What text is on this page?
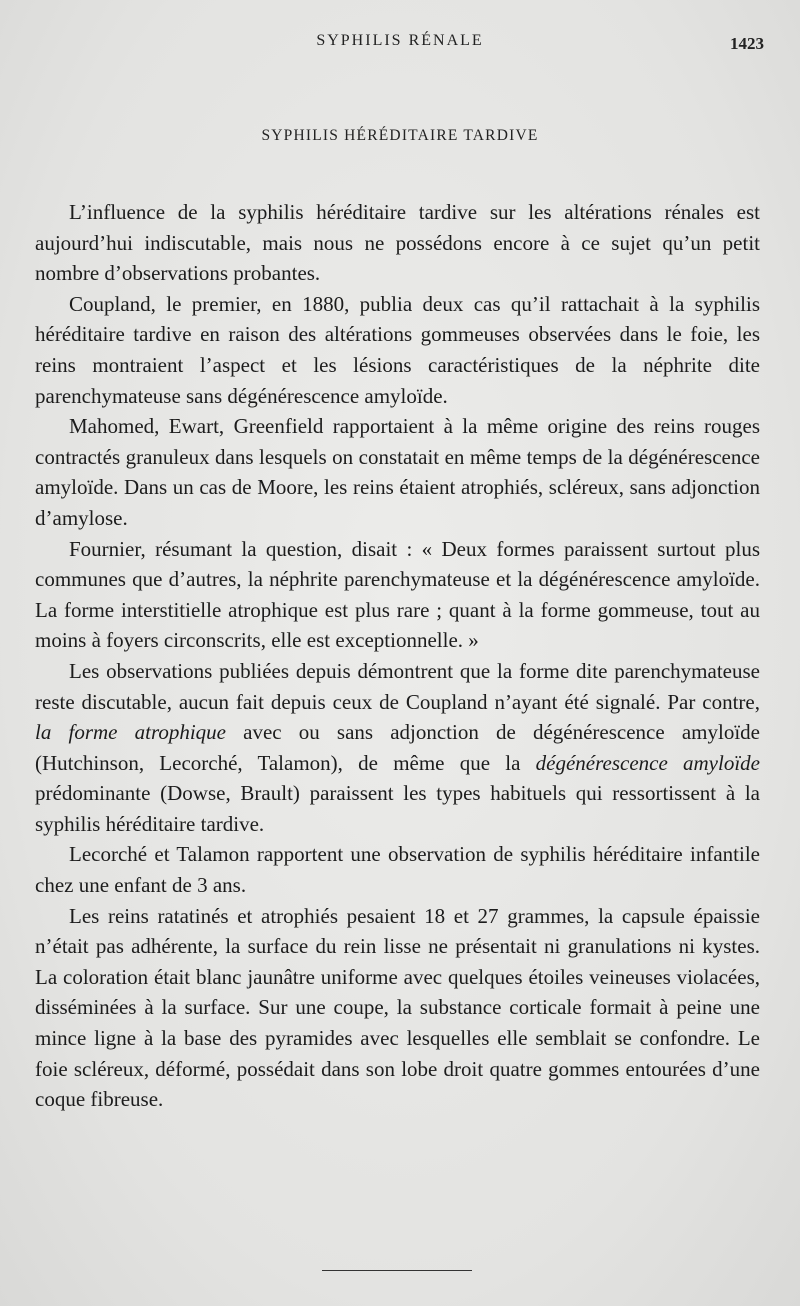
SYPHILIS RÉNALE	1423
SYPHILIS HÉRÉDITAIRE TARDIVE

L’influence de la syphilis héréditaire tardive sur les altérations rénales est aujourd’hui indiscutable, mais nous ne possédons encore à ce sujet qu’un petit nombre d’observations probantes.

Coupland, le premier, en 1880, publia deux cas qu’il rattachait à la syphilis héréditaire tardive en raison des altérations gommeuses observées dans le foie, les reins montraient l’aspect et les lésions caractéristiques de la néphrite dite parenchymateuse sans dégénérescence amyloïde.

Mahomed, Ewart, Greenfield rapportaient à la même origine des reins rouges contractés granuleux dans lesquels on constatait en même temps de la dégénérescence amyloïde. Dans un cas de Moore, les reins étaient atrophiés, scléreux, sans adjonction d’amylose.

Fournier, résumant la question, disait : « Deux formes paraissent surtout plus communes que d’autres, la néphrite parenchymateuse et la dégénérescence amyloïde. La forme interstitielle atrophique est plus rare ; quant à la forme gommeuse, tout au moins à foyers circonscrits, elle est exceptionnelle. »

Les observations publiées depuis démontrent que la forme dite parenchymateuse reste discutable, aucun fait depuis ceux de Coupland n’ayant été signalé. Par contre, la forme atrophique avec ou sans adjonction de dégénérescence amyloïde (Hutchinson, Lecorché, Talamon), de même que la dégénérescence amyloïde prédominante (Dowse, Brault) paraissent les types habituels qui ressortissent à la syphilis héréditaire tardive.

Lecorché et Talamon rapportent une observation de syphilis héréditaire infantile chez une enfant de 3 ans.

Les reins ratatinés et atrophiés pesaient 18 et 27 grammes, la capsule épaissie n’était pas adhérente, la surface du rein lisse ne présentait ni granulations ni kystes. La coloration était blanc jaunâtre uniforme avec quelques étoiles veineuses violacées, disséminées à la surface. Sur une coupe, la substance corticale formait à peine une mince ligne à la base des pyramides avec lesquelles elle semblait se confondre. Le foie scléreux, déformé, possédait dans son lobe droit quatre gommes entourées d’une coque fibreuse.
